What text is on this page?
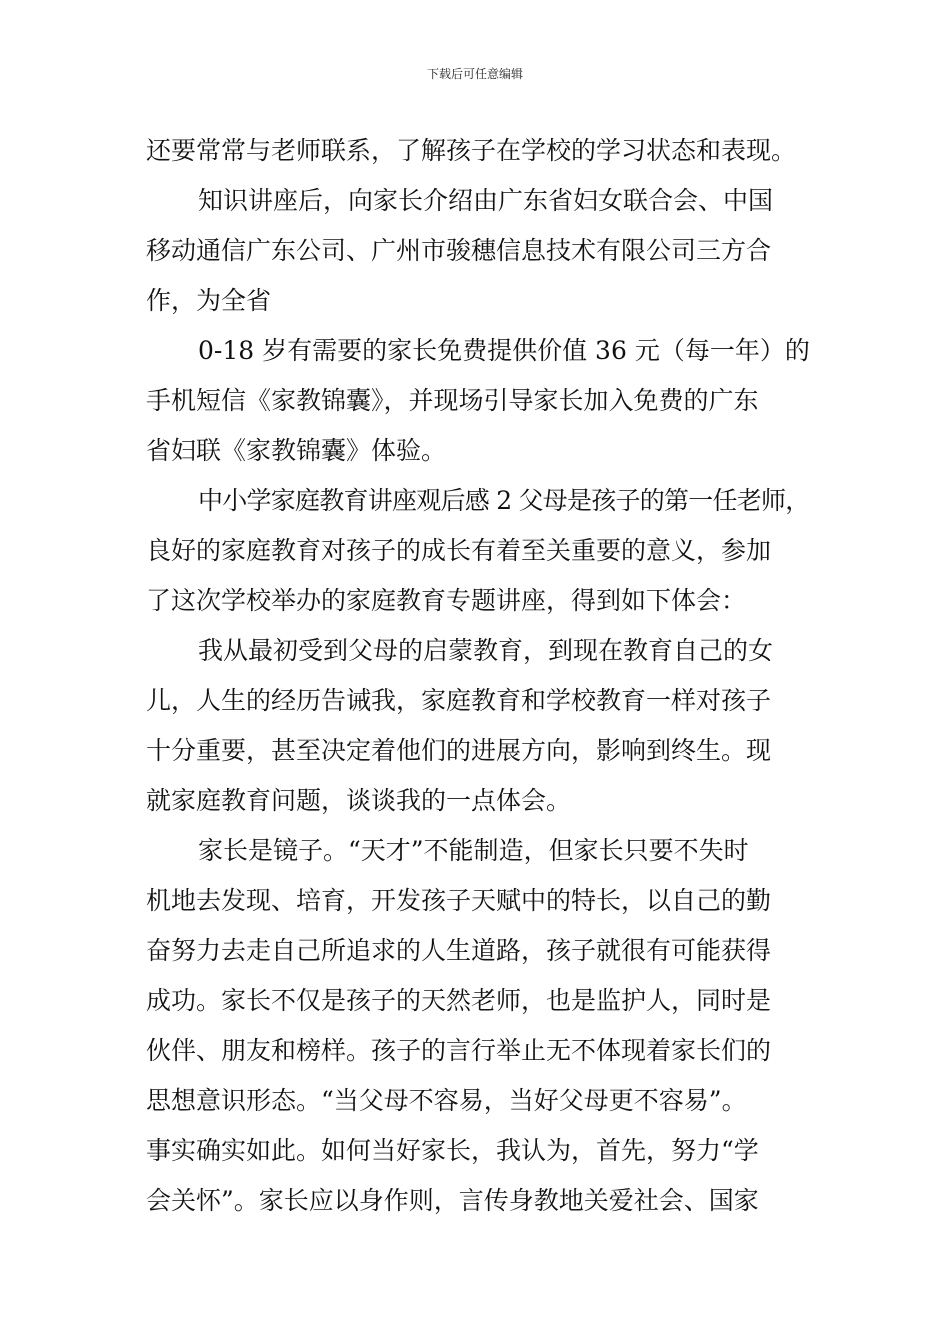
下载后可任意编辑
还要常常与老师联系，了解孩子在学校的学习状态和表现。
知识讲座后，向家长介绍由广东省妇女联合会、中国
移动通信广东公司、广州市骏穗信息技术有限公司三方合
作，为全省
0-18 岁有需要的家长免费提供价值 36 元（每一年）的
手机短信《家教锦囊》，并现场引导家长加入免费的广东
省妇联《家教锦囊》体验。
中小学家庭教育讲座观后感 2 父母是孩子的第一任老师，
良好的家庭教育对孩子的成长有着至关重要的意义，参加
了这次学校举办的家庭教育专题讲座，得到如下体会：
我从最初受到父母的启蒙教育，到现在教育自己的女
儿，人生的经历告诫我，家庭教育和学校教育一样对孩子
十分重要，甚至决定着他们的进展方向，影响到终生。现
就家庭教育问题，谈谈我的一点体会。
家长是镜子。“天才”不能制造，但家长只要不失时
机地去发现、培育，开发孩子天赋中的特长，以自己的勤
奋努力去走自己所追求的人生道路，孩子就很有可能获得
成功。家长不仅是孩子的天然老师，也是监护人，同时是
伙伴、朋友和榜样。孩子的言行举止无不体现着家长们的
思想意识形态。“当父母不容易，当好父母更不容易”。
事实确实如此。如何当好家长，我认为，首先，努力“学
会关怀”。家长应以身作则，言传身教地关爱社会、国家
